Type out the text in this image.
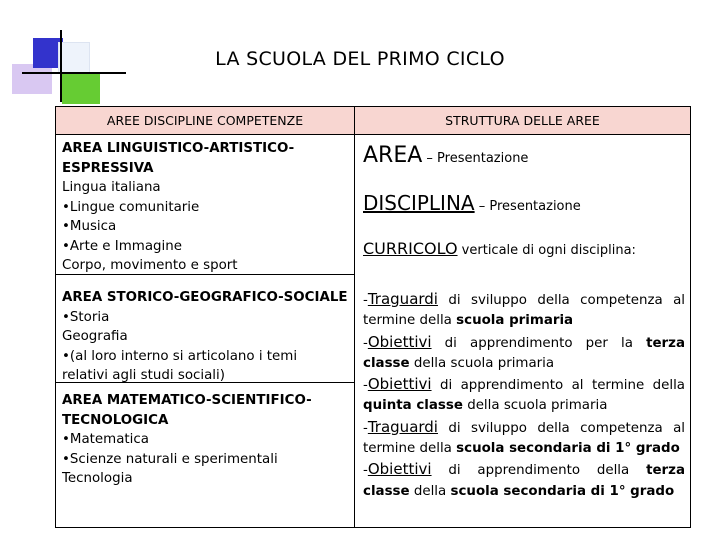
LA SCUOLA DEL PRIMO CICLO
AREE DISCIPLINE COMPETENZE	STRUTTURA DELLE AREE
AREA LINGUISTICO-ARTISTICO-
ESPRESSIVA
Lingua italiana
•Lingue comunitarie
•Musica
•Arte e Immagine
Corpo, movimento e sport
AREA STORICO-GEOGRAFICO-SOCIALE
•Storia
Geografia
•(al loro interno si articolano i temi
relativi agli studi sociali)
AREA MATEMATICO-SCIENTIFICO-
TECNOLOGICA
•Matematica
•Scienze naturali e sperimentali
Tecnologia
AREA – Presentazione
DISCIPLINA – Presentazione
CURRICOLO verticale di ogni disciplina:

-Traguardi di sviluppo della competenza al termine della scuola primaria

-Obiettivi di apprendimento per la terza classe della scuola primaria

-Obiettivi di apprendimento al termine della quinta classe della scuola primaria

-Traguardi di sviluppo della competenza al termine della scuola secondaria di 1° grado

-Obiettivi di apprendimento della terza classe della scuola secondaria di 1° grado
